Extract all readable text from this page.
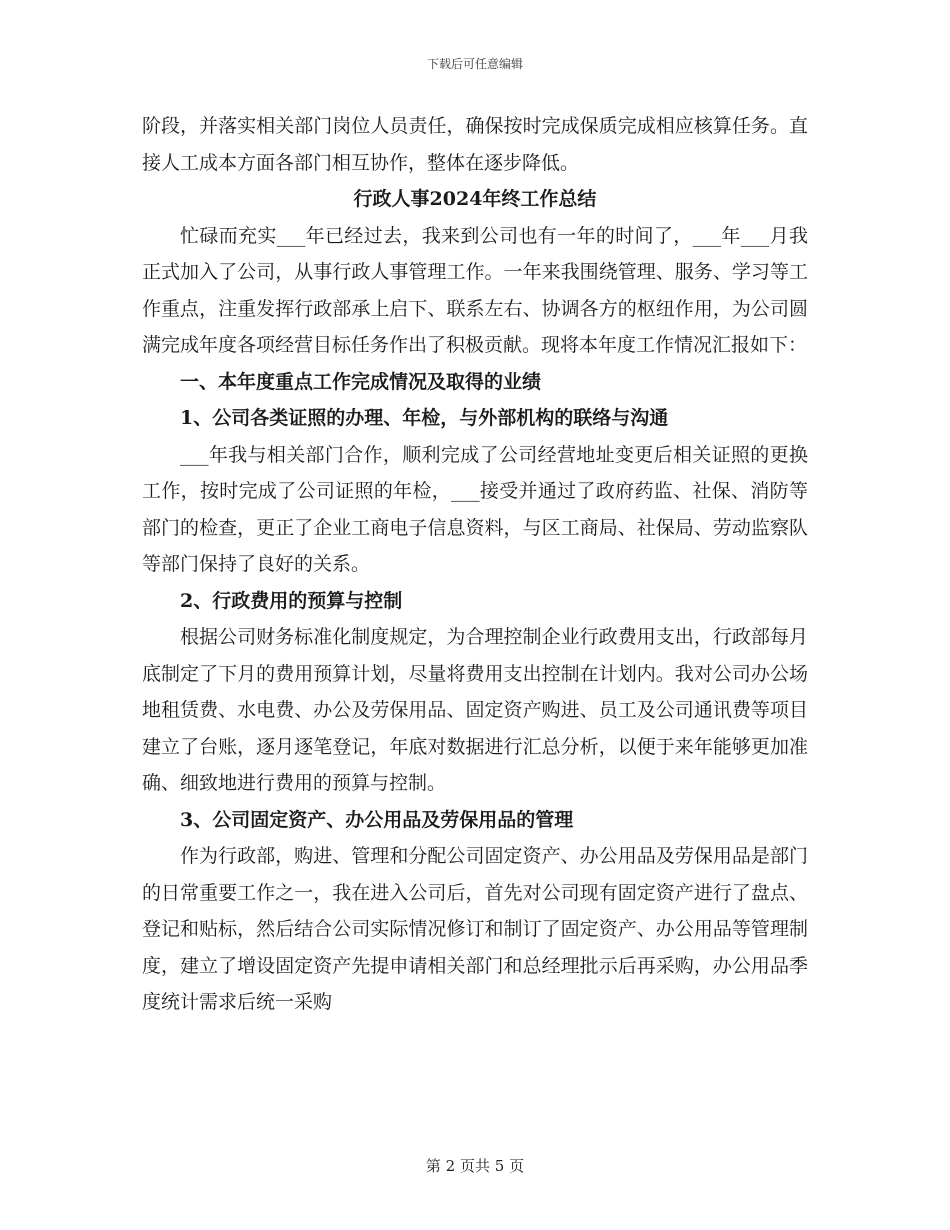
下载后可任意编辑

阶段，并落实相关部门岗位人员责任，确保按时完成保质完成相应核算任务。直接人工成本方面各部门相互协作，整体在逐步降低。

行政人事2024年终工作总结

忙碌而充实___年已经过去，我来到公司也有一年的时间了，___年___月我正式加入了公司，从事行政人事管理工作。一年来我围绕管理、服务、学习等工作重点，注重发挥行政部承上启下、联系左右、协调各方的枢纽作用，为公司圆满完成年度各项经营目标任务作出了积极贡献。现将本年度工作情况汇报如下：

一、本年度重点工作完成情况及取得的业绩

1、公司各类证照的办理、年检，与外部机构的联络与沟通

___年我与相关部门合作，顺利完成了公司经营地址变更后相关证照的更换工作，按时完成了公司证照的年检，___接受并通过了政府药监、社保、消防等部门的检查，更正了企业工商电子信息资料，与区工商局、社保局、劳动监察队等部门保持了良好的关系。

2、行政费用的预算与控制

根据公司财务标准化制度规定，为合理控制企业行政费用支出，行政部每月底制定了下月的费用预算计划，尽量将费用支出控制在计划内。我对公司办公场地租赁费、水电费、办公及劳保用品、固定资产购进、员工及公司通讯费等项目建立了台账，逐月逐笔登记，年底对数据进行汇总分析，以便于来年能够更加准确、细致地进行费用的预算与控制。

3、公司固定资产、办公用品及劳保用品的管理

作为行政部，购进、管理和分配公司固定资产、办公用品及劳保用品是部门的日常重要工作之一，我在进入公司后，首先对公司现有固定资产进行了盘点、登记和贴标，然后结合公司实际情况修订和制订了固定资产、办公用品等管理制度，建立了增设固定资产先提申请相关部门和总经理批示后再采购，办公用品季度统计需求后统一采购

第 2 页共 5 页
